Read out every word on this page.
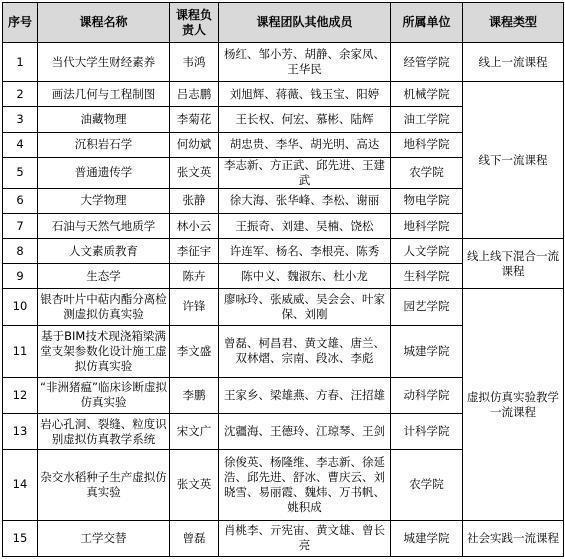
序号	课程名称	课程负责人	课程团队其他成员	所属单位	课程类型
1	当代大学生财经素养	韦鸿	杨红、邹小芳、胡静、余家凤、王华民	经管学院	线上一流课程
2	画法几何与工程制图	吕志鹏	刘旭辉、蒋薇、钱玉宝、阳婷	机械学院	线下一流课程
3	油藏物理	李菊花	王长权、何宏、慕彬、陆辉	油工学院	
4	沉积岩石学	何幼斌	胡忠贵、李华、胡光明、高达	地科学院	
5	普通遗传学	张文英	李志新、方正武、邱先进、王建武	农学院	
6	大学物理	张静	徐大海、张华峰、李松、谢丽	物电学院	
7	石油与天然气地质学	林小云	王振奇、刘建、吴楠、饶松	地科学院	
8	人文素质教育	李征宇	许连军、杨名、李根亮、陈秀	人文学院	线上线下混合一流课程
9	生态学	陈卉	陈中义、魏淑东、杜小龙	生科学院	
10	银杏叶片中萜内酯分离检测虚拟仿真实验	许锋	廖咏玲、张威威、吴会会、叶家保、刘刚	园艺学院	虚拟仿真实验教学一流课程
11	基于BIM技术现浇箱梁满堂支架参数化设计施工虚拟仿真实验	李文盛	曾磊、柯昌君、黄文雄、唐兰、双林熠、宗南、段冰、李彪	城建学院	
12	“非洲猪瘟”临床诊断虚拟仿真实验	李鹏	王家乡、梁雄燕、方春、汪招雄	动科学院	
13	岩心孔洞、裂缝、粒度识别虚拟仿真教学系统	宋文广	沈疆海、王德玲、江琼琴、王剑	计科学院	
14	杂交水稻种子生产虚拟仿真实验	张文英	徐俊英、杨隆维、李志新、徐延浩、邱先进、舒冰、曹庆云、刘晓雪、易丽霞、魏炜、万书帆、姚积成	农学院	
15	工学交替	曾磊	肖桃李、亓宪宙、黄文雄、曾长亮	城建学院	社会实践一流课程
